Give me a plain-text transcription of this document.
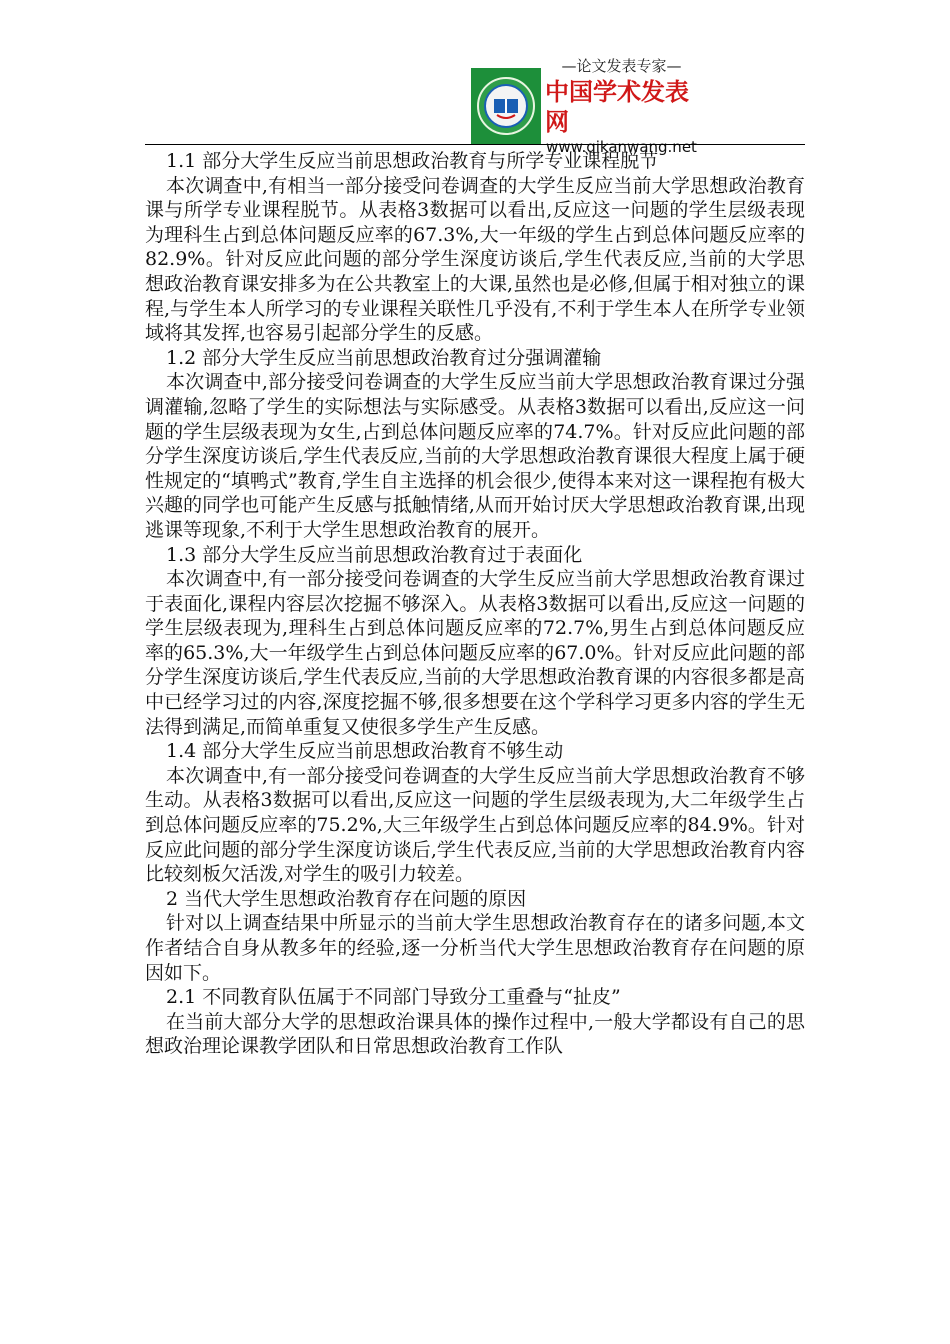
—论文发表专家—
中国学术发表网
www.qikanwang.net

1.1 部分大学生反应当前思想政治教育与所学专业课程脱节

本次调查中,有相当一部分接受问卷调查的大学生反应当前大学思想政治教育课与所学专业课程脱节。从表格3数据可以看出,反应这一问题的学生层级表现为理科生占到总体问题反应率的67.3%,大一年级的学生占到总体问题反应率的82.9%。针对反应此问题的部分学生深度访谈后,学生代表反应,当前的大学思想政治教育课安排多为在公共教室上的大课,虽然也是必修,但属于相对独立的课程,与学生本人所学习的专业课程关联性几乎没有,不利于学生本人在所学专业领域将其发挥,也容易引起部分学生的反感。

1.2 部分大学生反应当前思想政治教育过分强调灌输

本次调查中,部分接受问卷调查的大学生反应当前大学思想政治教育课过分强调灌输,忽略了学生的实际想法与实际感受。从表格3数据可以看出,反应这一问题的学生层级表现为女生,占到总体问题反应率的74.7%。针对反应此问题的部分学生深度访谈后,学生代表反应,当前的大学思想政治教育课很大程度上属于硬性规定的“填鸭式”教育,学生自主选择的机会很少,使得本来对这一课程抱有极大兴趣的同学也可能产生反感与抵触情绪,从而开始讨厌大学思想政治教育课,出现逃课等现象,不利于大学生思想政治教育的展开。

1.3 部分大学生反应当前思想政治教育过于表面化

本次调查中,有一部分接受问卷调查的大学生反应当前大学思想政治教育课过于表面化,课程内容层次挖掘不够深入。从表格3数据可以看出,反应这一问题的学生层级表现为,理科生占到总体问题反应率的72.7%,男生占到总体问题反应率的65.3%,大一年级学生占到总体问题反应率的67.0%。针对反应此问题的部分学生深度访谈后,学生代表反应,当前的大学思想政治教育课的内容很多都是高中已经学习过的内容,深度挖掘不够,很多想要在这个学科学习更多内容的学生无法得到满足,而简单重复又使很多学生产生反感。

1.4 部分大学生反应当前思想政治教育不够生动

本次调查中,有一部分接受问卷调查的大学生反应当前大学思想政治教育不够生动。从表格3数据可以看出,反应这一问题的学生层级表现为,大二年级学生占到总体问题反应率的75.2%,大三年级学生占到总体问题反应率的84.9%。针对反应此问题的部分学生深度访谈后,学生代表反应,当前的大学思想政治教育内容比较刻板欠活泼,对学生的吸引力较差。

2 当代大学生思想政治教育存在问题的原因

针对以上调查结果中所显示的当前大学生思想政治教育存在的诸多问题,本文作者结合自身从教多年的经验,逐一分析当代大学生思想政治教育存在问题的原因如下。

2.1 不同教育队伍属于不同部门导致分工重叠与“扯皮”

在当前大部分大学的思想政治课具体的操作过程中,一般大学都设有自己的思想政治理论课教学团队和日常思想政治教育工作队
